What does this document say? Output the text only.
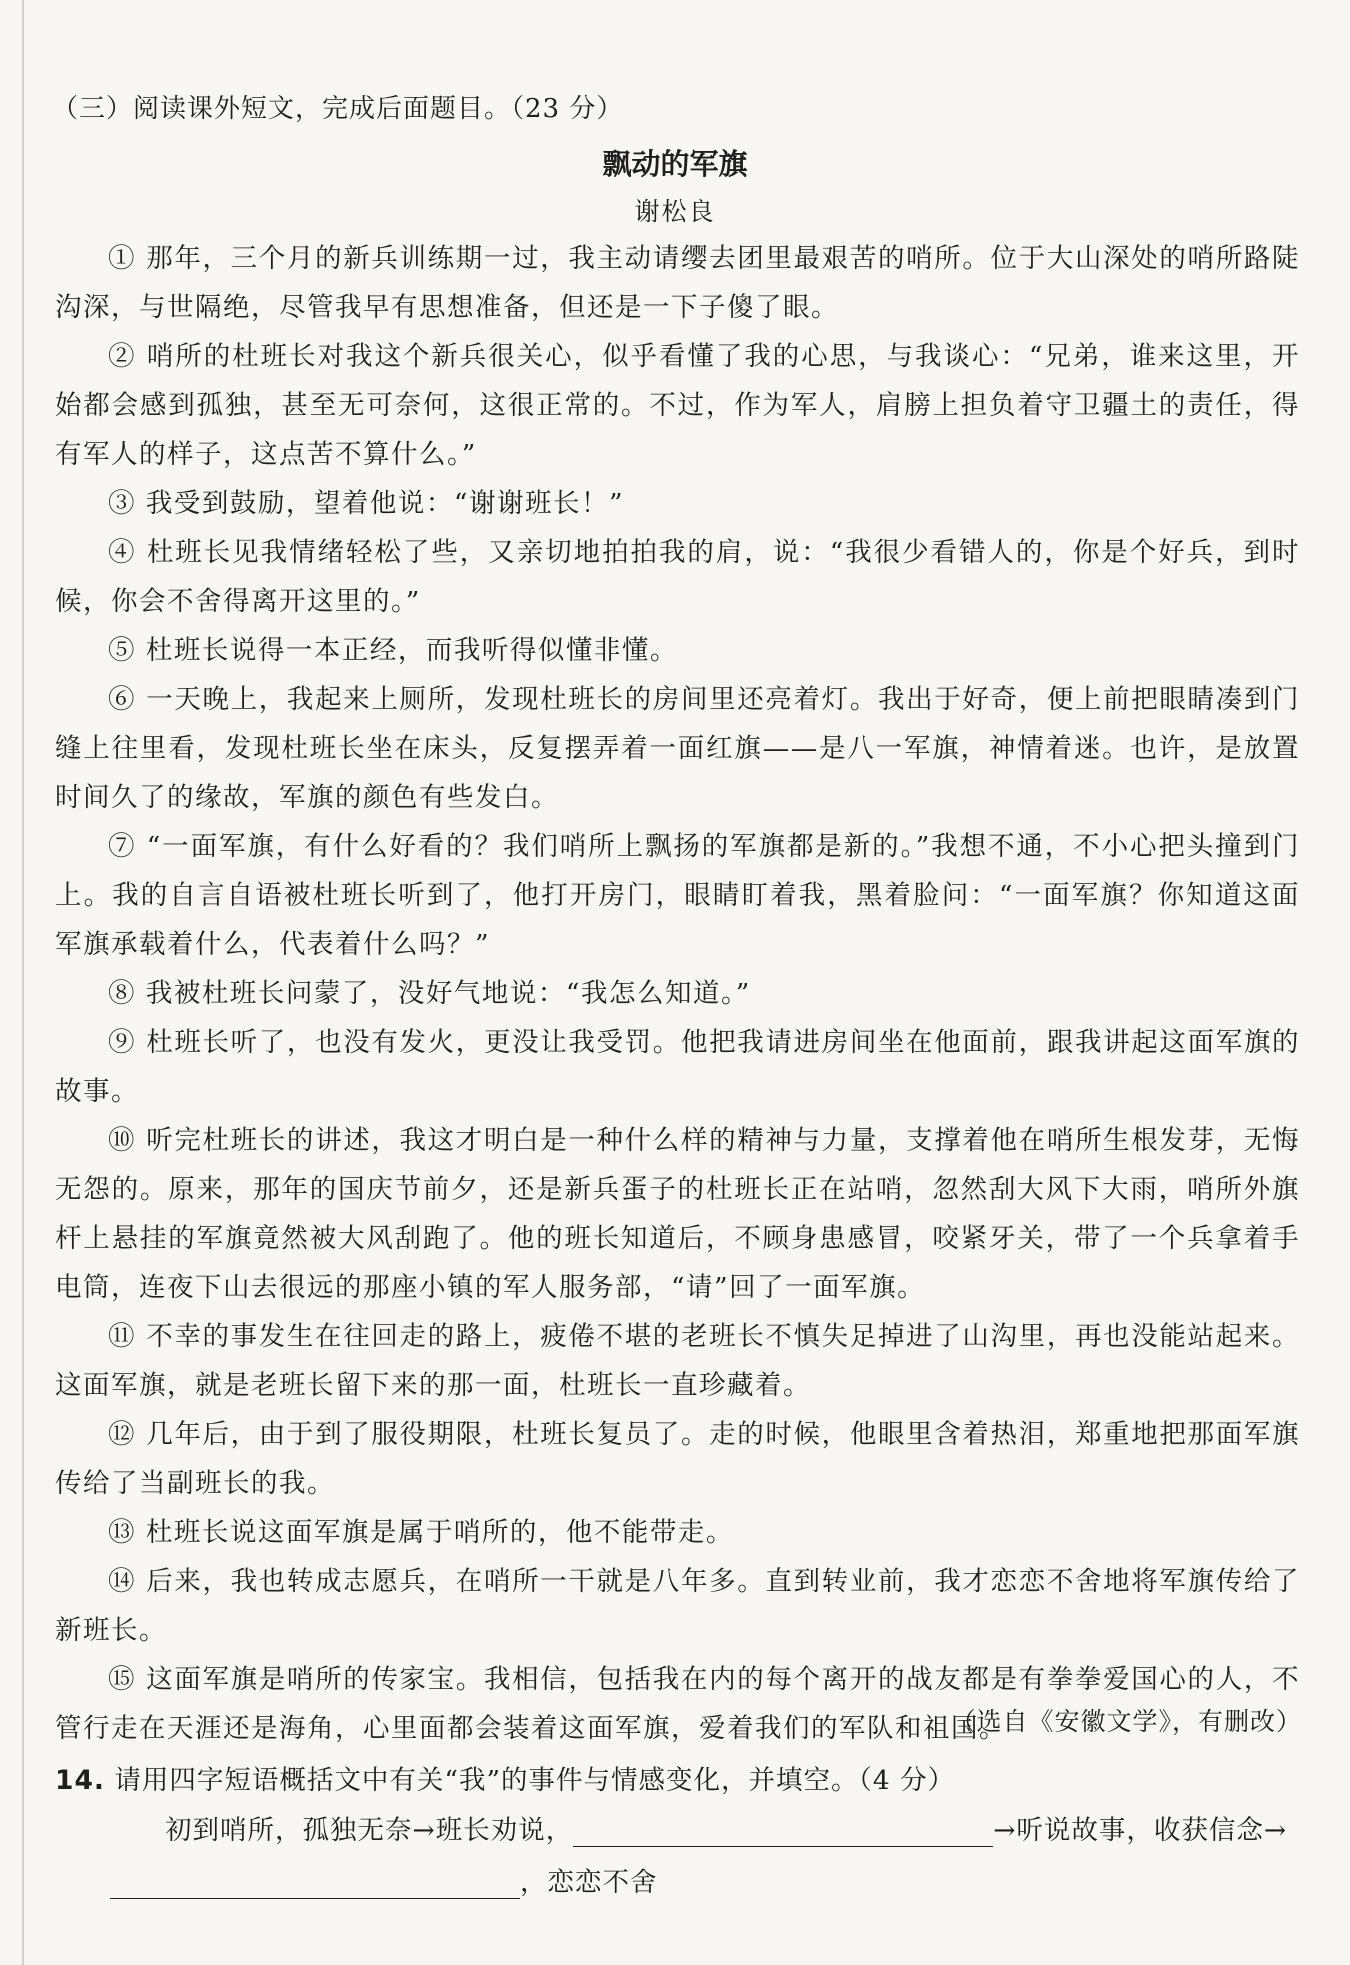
（三）阅读课外短文，完成后面题目。（23 分）
飘动的军旗
谢松良

① 那年，三个月的新兵训练期一过，我主动请缨去团里最艰苦的哨所。位于大山深处的哨所路陡沟深，与世隔绝，尽管我早有思想准备，但还是一下子傻了眼。

② 哨所的杜班长对我这个新兵很关心，似乎看懂了我的心思，与我谈心：“兄弟，谁来这里，开始都会感到孤独，甚至无可奈何，这很正常的。不过，作为军人，肩膀上担负着守卫疆土的责任，得有军人的样子，这点苦不算什么。”

③ 我受到鼓励，望着他说：“谢谢班长！”

④ 杜班长见我情绪轻松了些，又亲切地拍拍我的肩，说：“我很少看错人的，你是个好兵，到时候，你会不舍得离开这里的。”

⑤ 杜班长说得一本正经，而我听得似懂非懂。

⑥ 一天晚上，我起来上厕所，发现杜班长的房间里还亮着灯。我出于好奇，便上前把眼睛凑到门缝上往里看，发现杜班长坐在床头，反复摆弄着一面红旗——是八一军旗，神情着迷。也许，是放置时间久了的缘故，军旗的颜色有些发白。

⑦ “一面军旗，有什么好看的？我们哨所上飘扬的军旗都是新的。”我想不通，不小心把头撞到门上。我的自言自语被杜班长听到了，他打开房门，眼睛盯着我，黑着脸问：“一面军旗？你知道这面军旗承载着什么，代表着什么吗？”

⑧ 我被杜班长问蒙了，没好气地说：“我怎么知道。”

⑨ 杜班长听了，也没有发火，更没让我受罚。他把我请进房间坐在他面前，跟我讲起这面军旗的故事。

⑩ 听完杜班长的讲述，我这才明白是一种什么样的精神与力量，支撑着他在哨所生根发芽，无悔无怨的。原来，那年的国庆节前夕，还是新兵蛋子的杜班长正在站哨，忽然刮大风下大雨，哨所外旗杆上悬挂的军旗竟然被大风刮跑了。他的班长知道后，不顾身患感冒，咬紧牙关，带了一个兵拿着手电筒，连夜下山去很远的那座小镇的军人服务部，“请”回了一面军旗。

⑪ 不幸的事发生在往回走的路上，疲倦不堪的老班长不慎失足掉进了山沟里，再也没能站起来。这面军旗，就是老班长留下来的那一面，杜班长一直珍藏着。

⑫ 几年后，由于到了服役期限，杜班长复员了。走的时候，他眼里含着热泪，郑重地把那面军旗传给了当副班长的我。

⑬ 杜班长说这面军旗是属于哨所的，他不能带走。

⑭ 后来，我也转成志愿兵，在哨所一干就是八年多。直到转业前，我才恋恋不舍地将军旗传给了新班长。

⑮ 这面军旗是哨所的传家宝。我相信，包括我在内的每个离开的战友都是有拳拳爱国心的人，不管行走在天涯还是海角，心里面都会装着这面军旗，爱着我们的军队和祖国。

（选自《安徽文学》，有删改）
14. 请用四字短语概括文中有关“我”的事件与情感变化，并填空。（4 分）
初到哨所，孤独无奈→班长劝说，	→听说故事，收获信念→
，恋恋不舍
